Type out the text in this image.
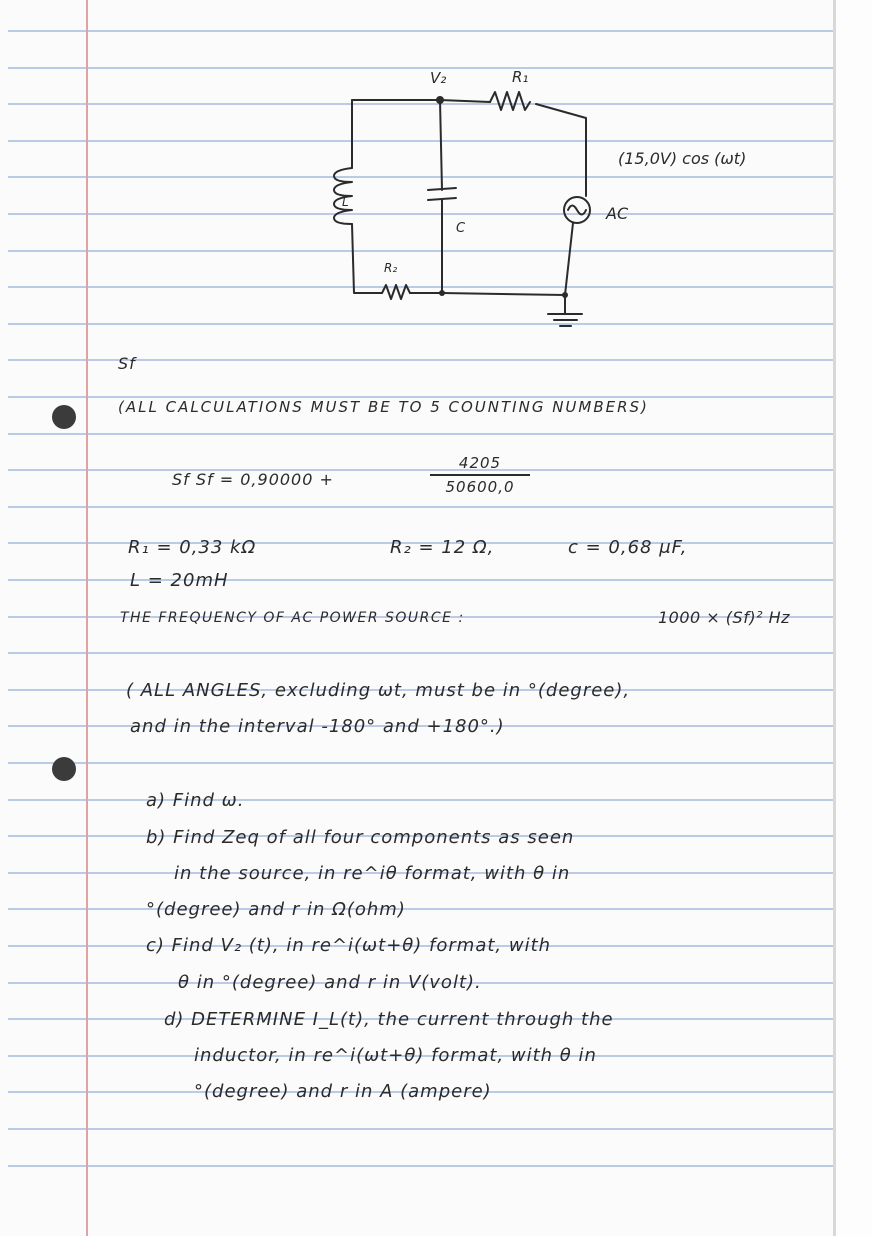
V₂	R₁
L
C
R₂
(15,0V) cos (ωt)
AC
Sf
(ALL CALCULATIONS MUST BE TO 5 COUNTING NUMBERS)
Sf Sf = 0,90000 +
4205
50600,0
R₁ = 0,33 kΩ	R₂ = 12 Ω,	c = 0,68 μF,
L = 20mH
THE FREQUENCY OF AC POWER SOURCE :	1000 × (Sf)² Hz
( ALL ANGLES, excluding ωt, must be in °(degree),
and in the interval -180° and +180°.)
a) Find ω.
b) Find Zeq of all four components as seen
in the source, in re^iθ format, with θ in
°(degree) and r in Ω(ohm)
c) Find V₂ (t), in re^i(ωt+θ) format, with
θ in °(degree) and r in V(volt).
d) DETERMINE I_L(t), the current through the
inductor, in re^i(ωt+θ) format, with θ in
°(degree) and r in A (ampere)
